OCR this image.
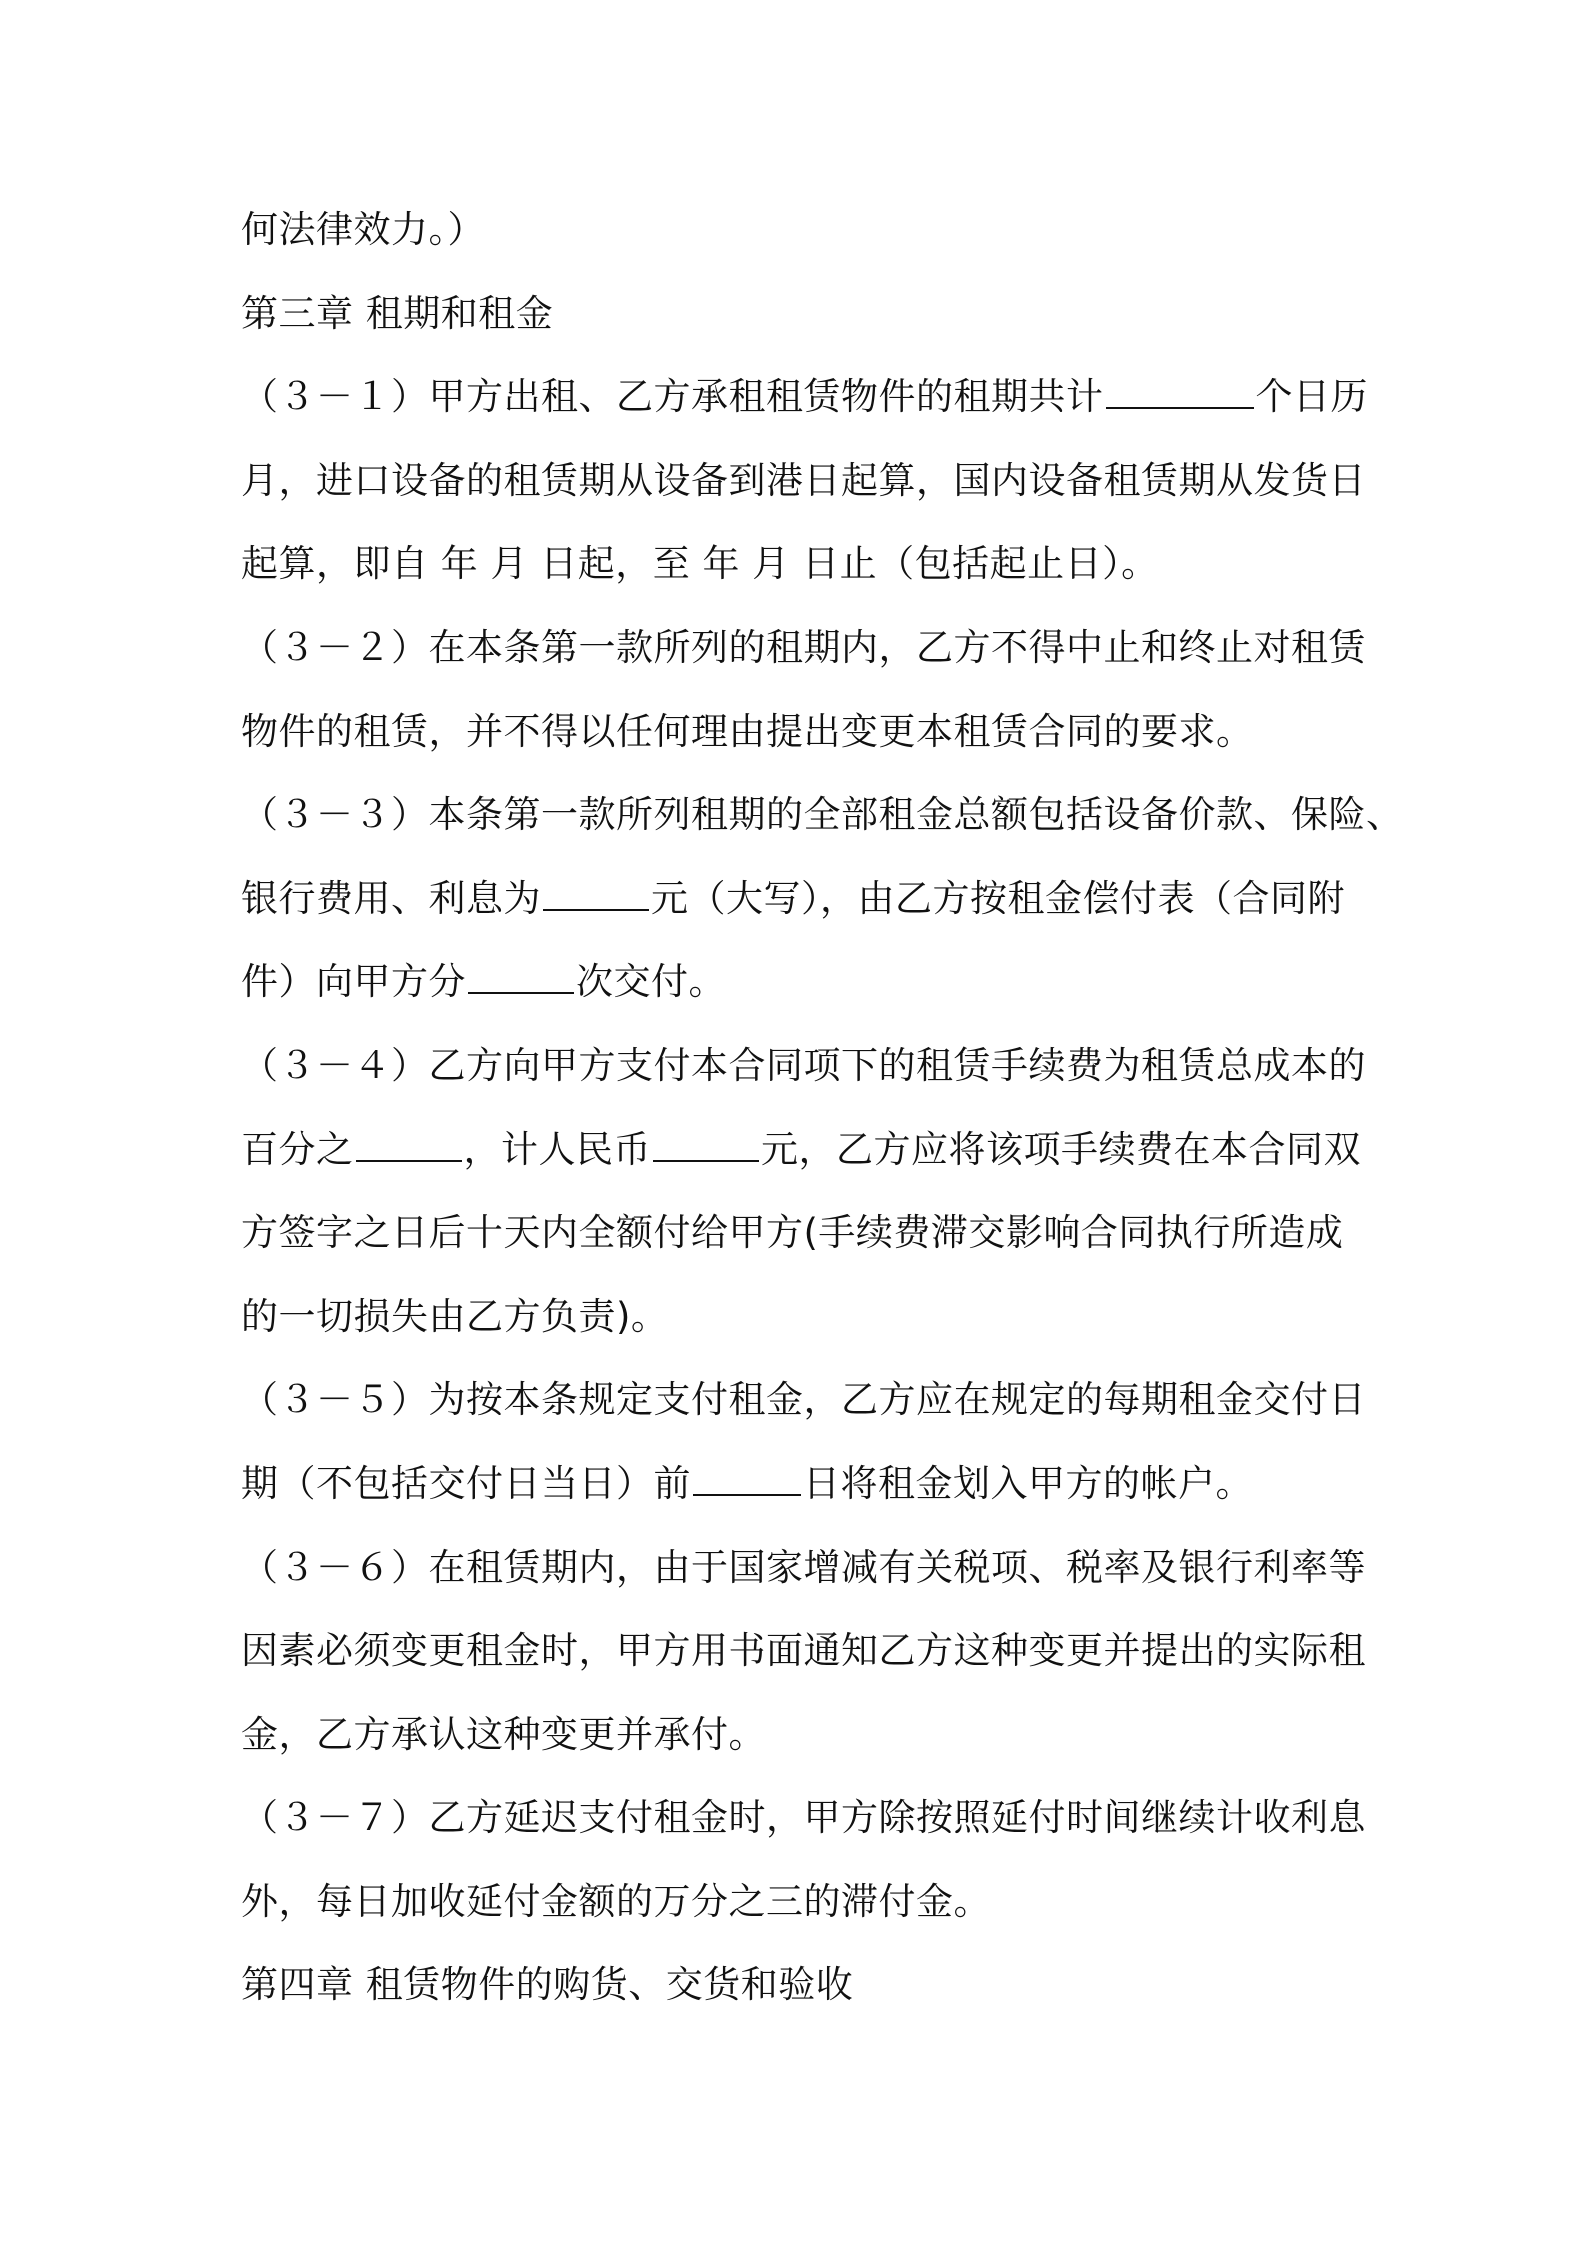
何法律效力。）
第三章 租期和租金
（３－１）甲方出租、乙方承租租赁物件的租期共计	个日历
月，进口设备的租赁期从设备到港日起算，国内设备租赁期从发货日
起算，即自 年 月 日起，至 年 月 日止（包括起止日）。
（３－２）在本条第一款所列的租期内，乙方不得中止和终止对租赁
物件的租赁，并不得以任何理由提出变更本租赁合同的要求。
（３－３）本条第一款所列租期的全部租金总额包括设备价款、保险、
银行费用、利息为	元（大写），由乙方按租金偿付表（合同附
件）向甲方分	次交付。
（３－４）乙方向甲方支付本合同项下的租赁手续费为租赁总成本的
百分之	，计人民币	元，乙方应将该项手续费在本合同双
方签字之日后十天内全额付给甲方(手续费滞交影响合同执行所造成
的一切损失由乙方负责)。
（３－５）为按本条规定支付租金，乙方应在规定的每期租金交付日
期（不包括交付日当日）前	日将租金划入甲方的帐户。
（３－６）在租赁期内，由于国家增减有关税项、税率及银行利率等
因素必须变更租金时，甲方用书面通知乙方这种变更并提出的实际租
金，乙方承认这种变更并承付。
（３－７）乙方延迟支付租金时，甲方除按照延付时间继续计收利息
外，每日加收延付金额的万分之三的滞付金。
第四章 租赁物件的购货、交货和验收
